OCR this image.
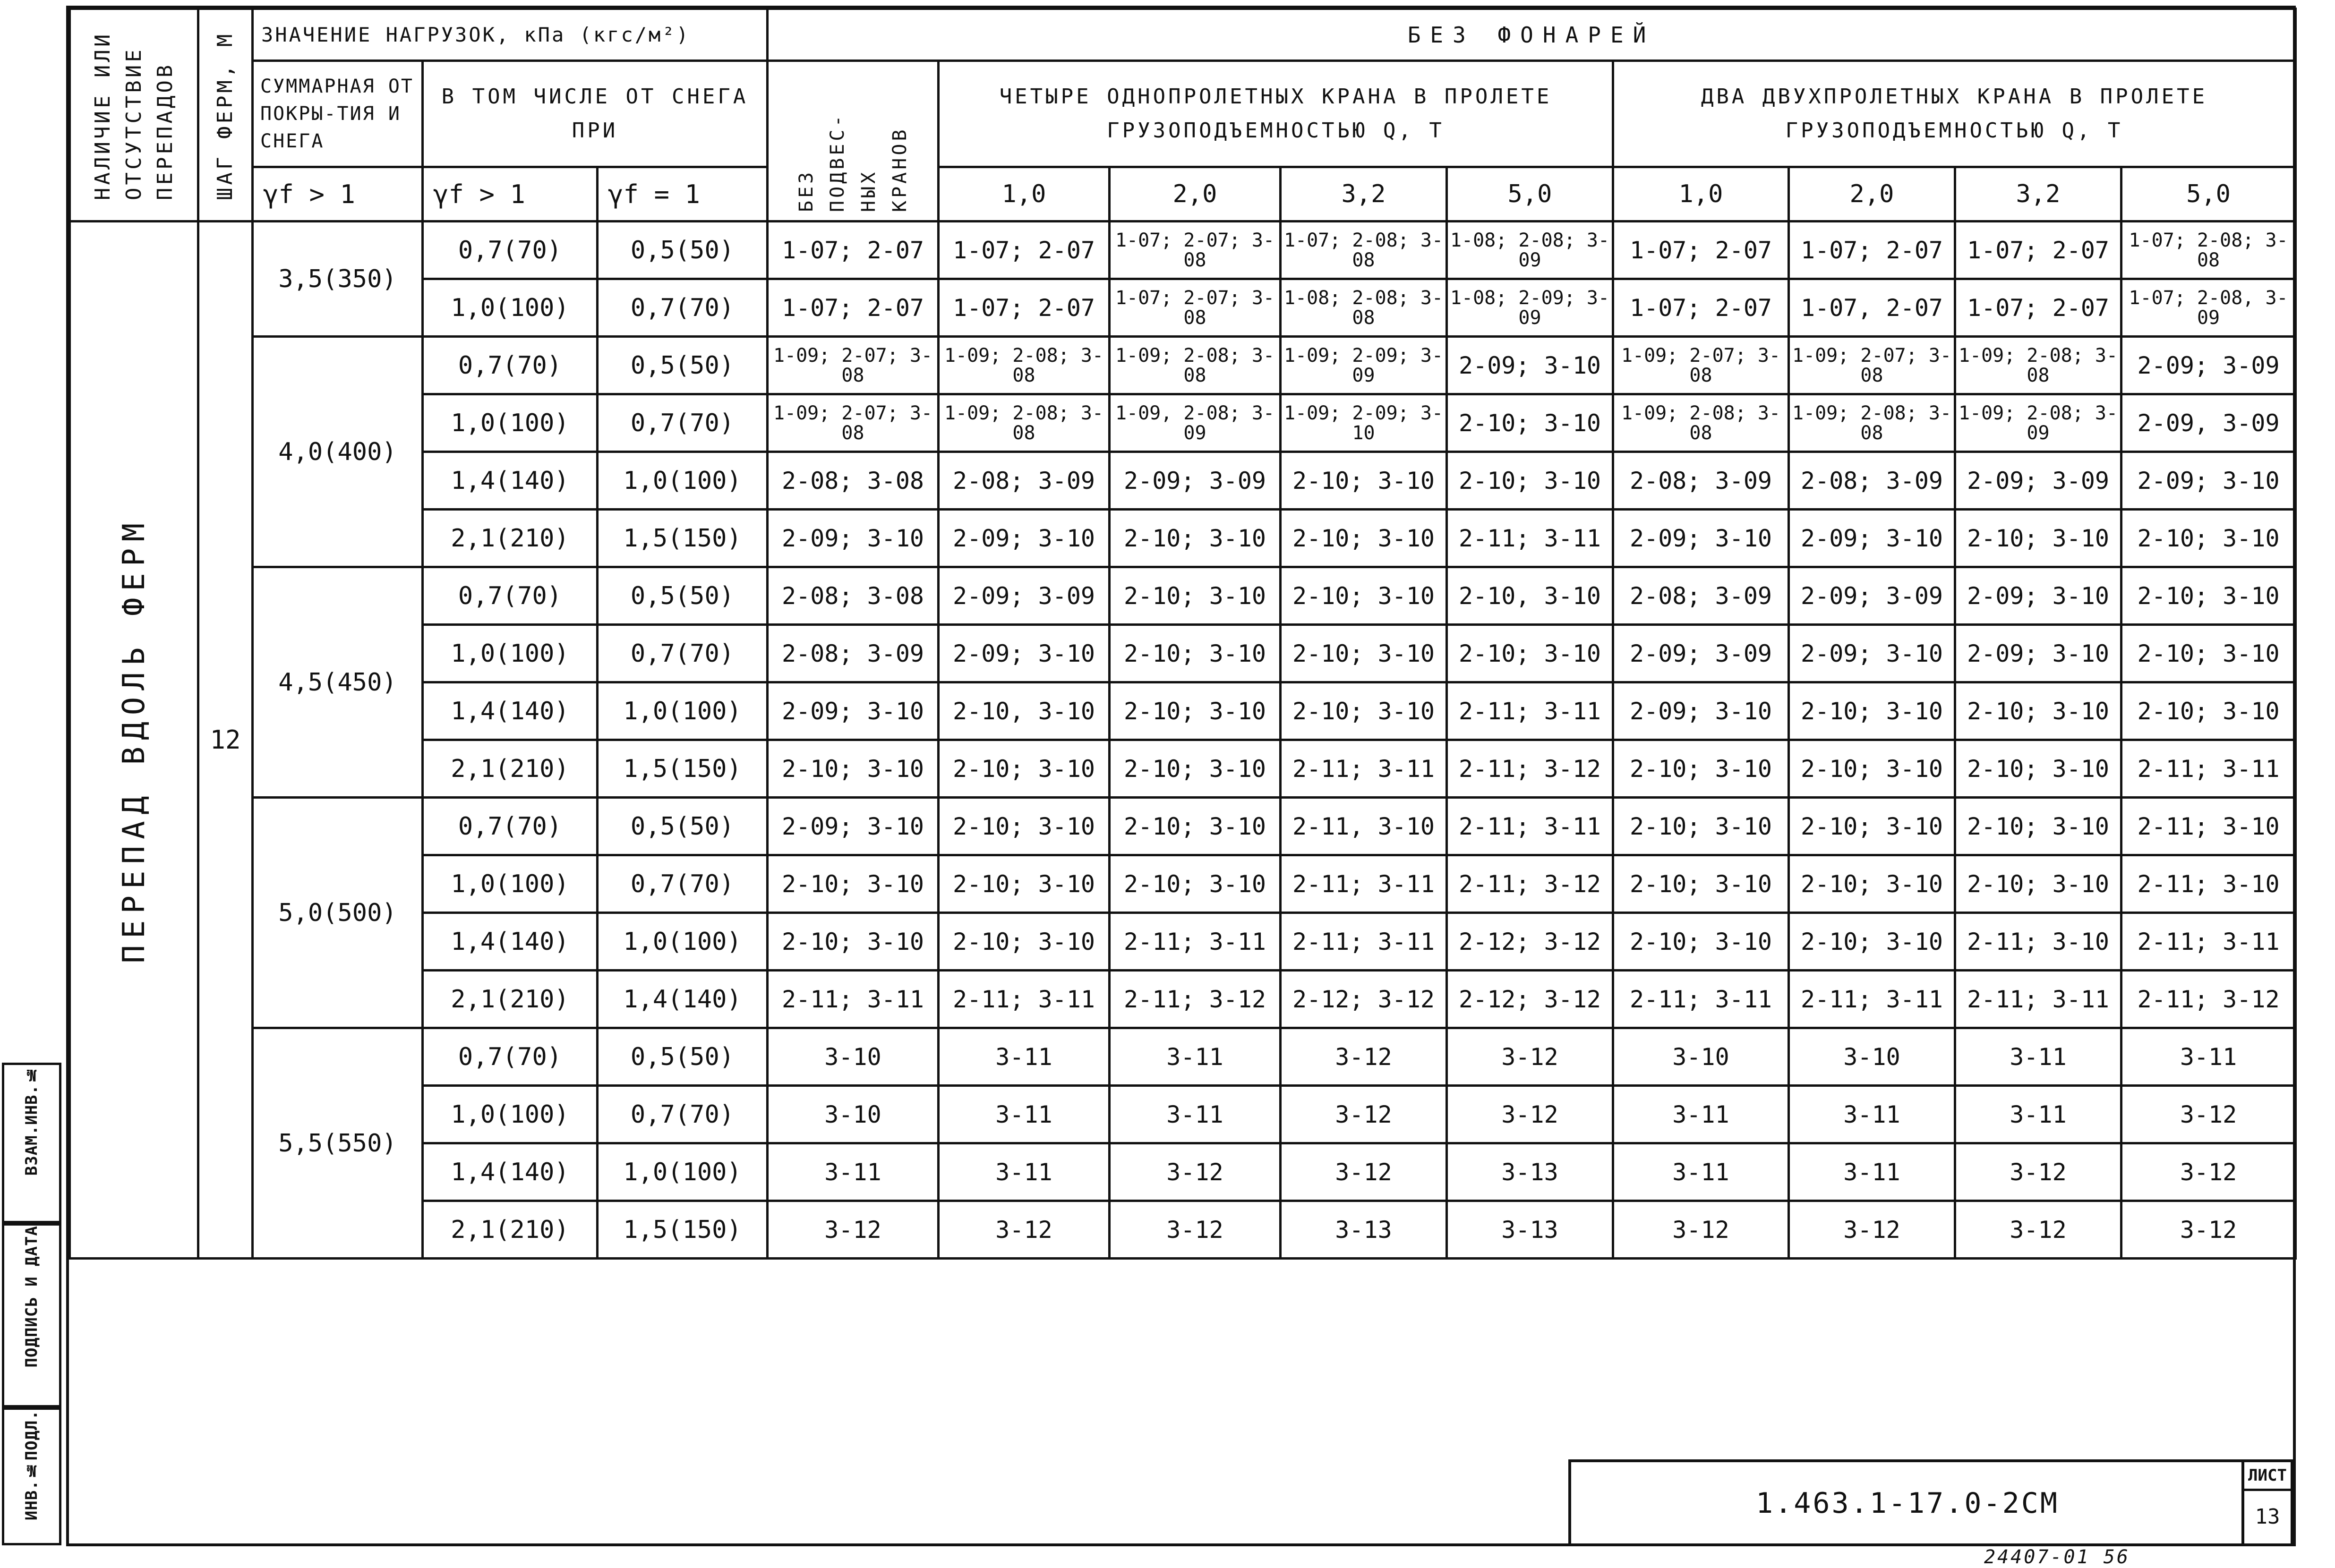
ВЗАМ.ИНВ.№
ПОДПИСЬ И ДАТА
ИНВ.№ПОДЛ.
НАЛИЧИЕ ИЛИ ОТСУТСТВИЕ ПЕРЕПАДОВ	ШАГ ФЕРМ, М	ЗНАЧЕНИЕ НАГРУЗОК, кПа (кгс/м²)			БЕЗ ФОНАРЕЙ								
		СУММАРНАЯ ОТ ПОКРЫ-ТИЯ И СНЕГА	В ТОМ ЧИСЛЕ ОТ СНЕГА ПРИ		БЕЗ ПОДВЕС-НЫХ КРАНОВ	ЧЕТЫРЕ ОДНОПРОЛЕТНЫХ КРАНА В ПРОЛЕТЕ ГРУЗОПОДЪЕМНОСТЬЮ Q, Т				ДВА ДВУХПРОЛЕТНЫХ КРАНА В ПРОЛЕТЕ ГРУЗОПОДЪЕМНОСТЬЮ Q, Т			
		γf > 1	γf > 1	γf = 1		1,0	2,0	3,2	5,0	1,0	2,0	3,2	5,0

ПЕРЕПАД ВДОЛЬ ФЕРМ	12	3,5(350)	0,7(70)	0,5(50)	1-07; 2-07	1-07; 2-07	1-07; 2-07; 3-08	1-07; 2-08; 3-08	1-08; 2-08; 3-09	1-07; 2-07	1-07; 2-07	1-07; 2-07	1-07; 2-08; 3-08
			1,0(100)	0,7(70)	1-07; 2-07	1-07; 2-07	1-07; 2-07; 3-08	1-08; 2-08; 3-08	1-08; 2-09; 3-09	1-07; 2-07	1-07, 2-07	1-07; 2-07	1-07; 2-08, 3-09
		4,0(400)	0,7(70)	0,5(50)	1-09; 2-07; 3-08	1-09; 2-08; 3-08	1-09; 2-08; 3-08	1-09; 2-09; 3-09	2-09; 3-10	1-09; 2-07; 3-08	1-09; 2-07; 3-08	1-09; 2-08; 3-08	2-09; 3-09
			1,0(100)	0,7(70)	1-09; 2-07; 3-08	1-09; 2-08; 3-08	1-09, 2-08; 3-09	1-09; 2-09; 3-10	2-10; 3-10	1-09; 2-08; 3-08	1-09; 2-08; 3-08	1-09; 2-08; 3-09	2-09, 3-09
			1,4(140)	1,0(100)	2-08; 3-08	2-08; 3-09	2-09; 3-09	2-10; 3-10	2-10; 3-10	2-08; 3-09	2-08; 3-09	2-09; 3-09	2-09; 3-10
			2,1(210)	1,5(150)	2-09; 3-10	2-09; 3-10	2-10; 3-10	2-10; 3-10	2-11; 3-11	2-09; 3-10	2-09; 3-10	2-10; 3-10	2-10; 3-10
		4,5(450)	0,7(70)	0,5(50)	2-08; 3-08	2-09; 3-09	2-10; 3-10	2-10; 3-10	2-10, 3-10	2-08; 3-09	2-09; 3-09	2-09; 3-10	2-10; 3-10
			1,0(100)	0,7(70)	2-08; 3-09	2-09; 3-10	2-10; 3-10	2-10; 3-10	2-10; 3-10	2-09; 3-09	2-09; 3-10	2-09; 3-10	2-10; 3-10
			1,4(140)	1,0(100)	2-09; 3-10	2-10, 3-10	2-10; 3-10	2-10; 3-10	2-11; 3-11	2-09; 3-10	2-10; 3-10	2-10; 3-10	2-10; 3-10
			2,1(210)	1,5(150)	2-10; 3-10	2-10; 3-10	2-10; 3-10	2-11; 3-11	2-11; 3-12	2-10; 3-10	2-10; 3-10	2-10; 3-10	2-11; 3-11
		5,0(500)	0,7(70)	0,5(50)	2-09; 3-10	2-10; 3-10	2-10; 3-10	2-11, 3-10	2-11; 3-11	2-10; 3-10	2-10; 3-10	2-10; 3-10	2-11; 3-10
			1,0(100)	0,7(70)	2-10; 3-10	2-10; 3-10	2-10; 3-10	2-11; 3-11	2-11; 3-12	2-10; 3-10	2-10; 3-10	2-10; 3-10	2-11; 3-10
			1,4(140)	1,0(100)	2-10; 3-10	2-10; 3-10	2-11; 3-11	2-11; 3-11	2-12; 3-12	2-10; 3-10	2-10; 3-10	2-11; 3-10	2-11; 3-11
			2,1(210)	1,4(140)	2-11; 3-11	2-11; 3-11	2-11; 3-12	2-12; 3-12	2-12; 3-12	2-11; 3-11	2-11; 3-11	2-11; 3-11	2-11; 3-12
		5,5(550)	0,7(70)	0,5(50)	3-10	3-11	3-11	3-12	3-12	3-10	3-10	3-11	3-11
			1,0(100)	0,7(70)	3-10	3-11	3-11	3-12	3-12	3-11	3-11	3-11	3-12
			1,4(140)	1,0(100)	3-11	3-11	3-12	3-12	3-13	3-11	3-11	3-12	3-12
			2,1(210)	1,5(150)	3-12	3-12	3-12	3-13	3-13	3-12	3-12	3-12	3-12
1.463.1-17.0-2СМ
ЛИСТ
13
24407-01 56
